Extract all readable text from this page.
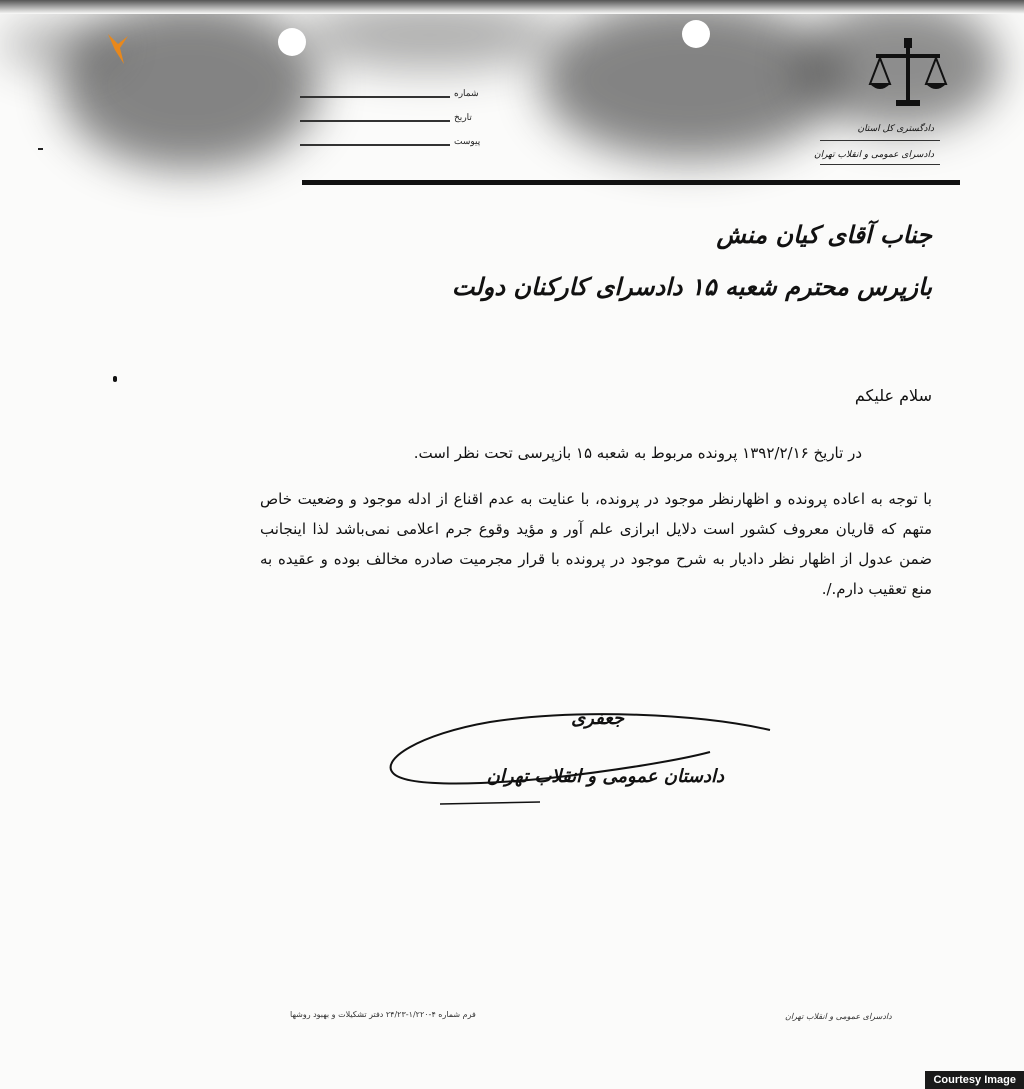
شماره
تاریخ
پیوست
دادگستری کل استان
دادسرای عمومی و انقلاب تهران
جناب آقای کیان منش
بازپرس محترم شعبه ۱۵ دادسرای کارکنان دولت
سلام علیکم
در تاریخ ۱۳۹۲/۲/۱۶ پرونده مربوط به شعبه ۱۵ بازپرسی تحت نظر است.
با توجه به اعاده پرونده و اظهارنظر موجود در پرونده، با عنایت به عدم اقناع از ادله موجود و وضعیت خاص متهم که قاریان معروف کشور است دلایل ابرازی علم آور و مؤید وقوع جرم اعلامی نمی‌باشد لذا اینجانب ضمن عدول از اظهار نظر دادیار به شرح موجود در پرونده با قرار مجرمیت صادره مخالف بوده و عقیده به منع تعقیب دارم./.
جعفری
دادستان عمومی و انقلاب تهران
فرم شماره ۴-۱/۲۲۰-۲۴/۲۳ دفتر تشکیلات و بهبود روشها	دادسرای عمومی و انقلاب تهران
Courtesy Image
